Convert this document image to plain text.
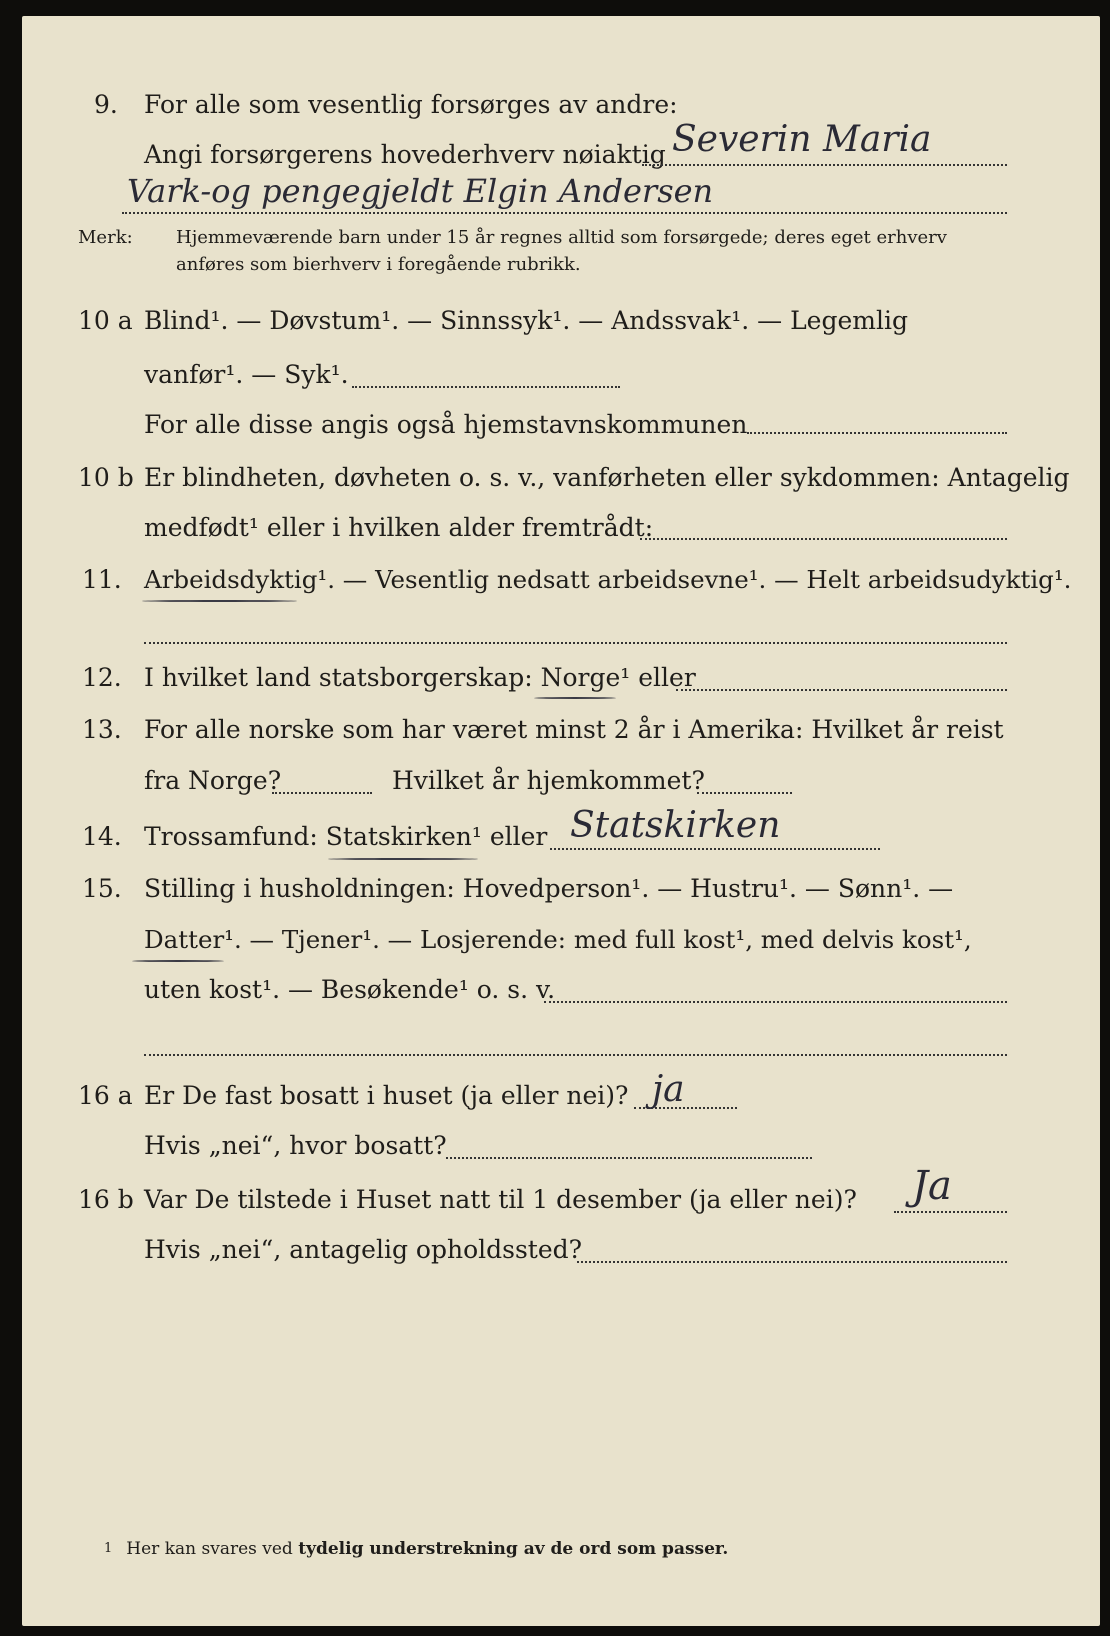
9. For alle som vesentlig forsørges av andre:
Angi forsørgerens hovederhverv nøiaktig Severin Maria
Vark-og pengegjeldt Elgin Andersen
Merk: Hjemmeværende barn under 15 år regnes alltid som forsørgede; deres eget erhverv
anføres som bierhverv i foregående rubrikk.
10 a Blind¹. — Døvstum¹. — Sinnssyk¹. — Andssvak¹. — Legemlig
vanfør¹. — Syk¹.
For alle disse angis også hjemstavnskommunen
10 b Er blindheten, døvheten o. s. v., vanførheten eller sykdommen: Antagelig
medfødt¹ eller i hvilken alder fremtrådt:
11. Arbeidsdyktig¹. — Vesentlig nedsatt arbeidsevne¹. — Helt arbeidsudyktig¹.
12. I hvilket land statsborgerskap: Norge¹ eller
13. For alle norske som har været minst 2 år i Amerika: Hvilket år reist
fra Norge?	Hvilket år hjemkommet?
14. Trossamfund: Statskirken¹ eller Statskirken
15. Stilling i husholdningen: Hovedperson¹. — Hustru¹. — Sønn¹. —
Datter¹. — Tjener¹. — Losjerende: med full kost¹, med delvis kost¹,
uten kost¹. — Besøkende¹ o. s. v.
16 a Er De fast bosatt i huset (ja eller nei)? ja
Hvis „nei“, hvor bosatt?
16 b Var De tilstede i Huset natt til 1 desember (ja eller nei)? Ja
Hvis „nei“, antagelig opholdssted?
$^1$ Her kan svares ved tydelig understrekning av de ord som passer.
